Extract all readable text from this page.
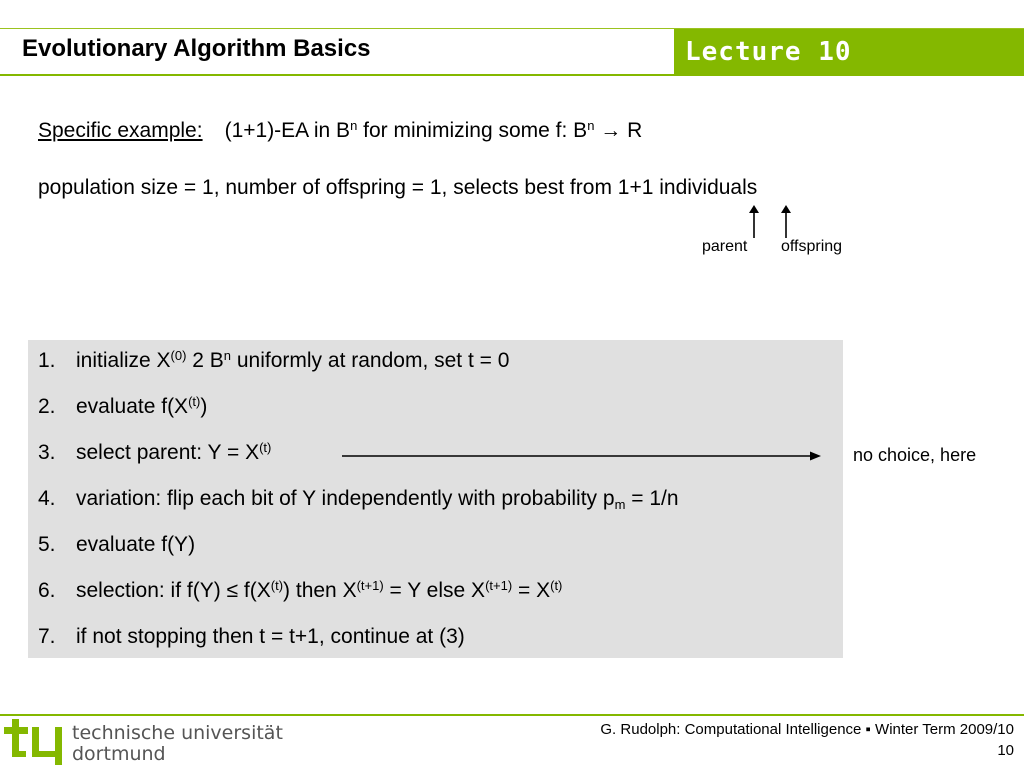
Evolutionary Algorithm Basics	Lecture 10
Specific example: (1+1)-EA in $B^n$ for minimizing some f: $B^n \to R$
population size = 1, number of offspring = 1, selects best from 1+1 individuals
parent offspring
1. initialize $X^{(0)}$ 2 $B^n$ uniformly at random, set t = 0
2. evaluate $f(X^{(t)})$
3. select parent: $Y = X^{(t)}$
4. variation: flip each bit of Y independently with probability $p_m = 1/n$
5. evaluate f(Y)
6. selection: if $f(Y) \le f(X^{(t)})$ then $X^{(t+1)} = Y$ else $X^{(t+1)} = X^{(t)}$
7. if not stopping then t = t+1, continue at (3)
no choice, here
technische universität
dortmund
G. Rudolph: Computational Intelligence ▪ Winter Term 2009/10
10
